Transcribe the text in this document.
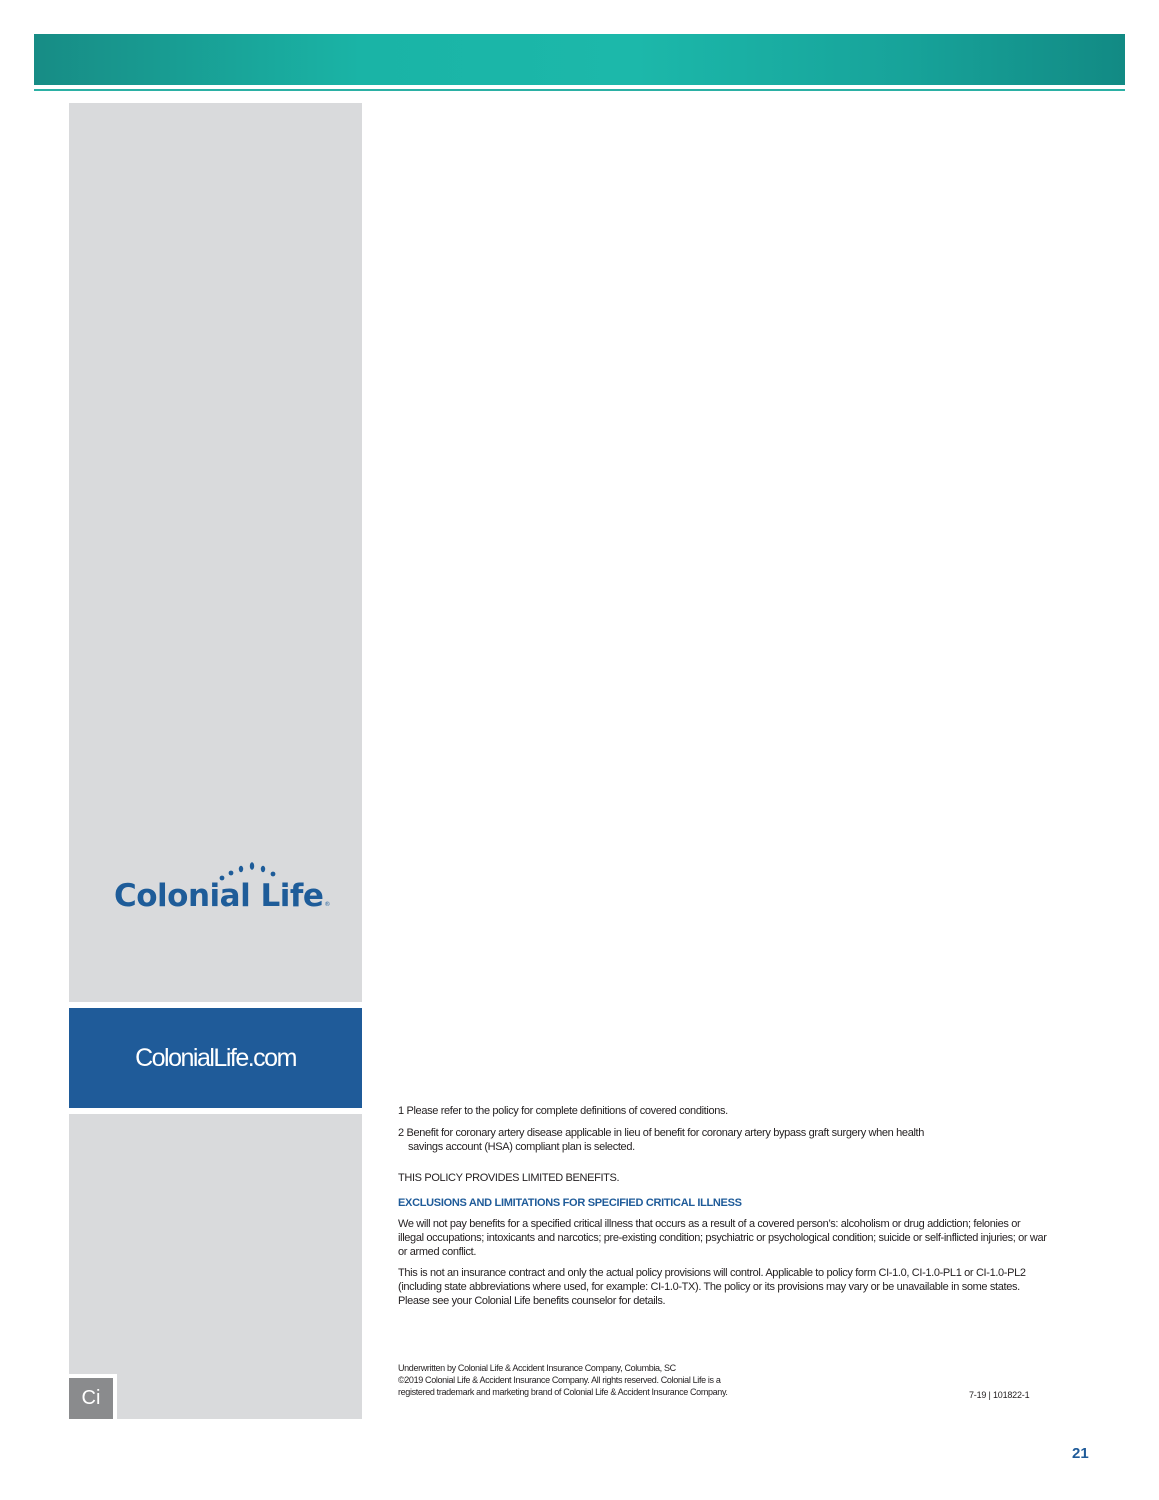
Colonial Life®
ColonialLife.com
Ci

1 Please refer to the policy for complete definitions of covered conditions.

2 Benefit for coronary artery disease applicable in lieu of benefit for coronary artery bypass graft surgery when health

savings account (HSA) compliant plan is selected.

THIS POLICY PROVIDES LIMITED BENEFITS.

EXCLUSIONS AND LIMITATIONS FOR SPECIFIED CRITICAL ILLNESS

We will not pay benefits for a specified critical illness that occurs as a result of a covered person’s: alcoholism or drug addiction; felonies or illegal occupations; intoxicants and narcotics; pre-existing condition; psychiatric or psychological condition; suicide or self-inflicted injuries; or war or armed conflict.

This is not an insurance contract and only the actual policy provisions will control. Applicable to policy form CI-1.0, CI-1.0-PL1 or CI-1.0-PL2 (including state abbreviations where used, for example: CI-1.0-TX). The policy or its provisions may vary or be unavailable in some states. Please see your Colonial Life benefits counselor for details.

Underwritten by Colonial Life & Accident Insurance Company, Columbia, SC

©2019 Colonial Life & Accident Insurance Company. All rights reserved. Colonial Life is a

registered trademark and marketing brand of Colonial Life & Accident Insurance Company.	7-19 | 101822-1
21
